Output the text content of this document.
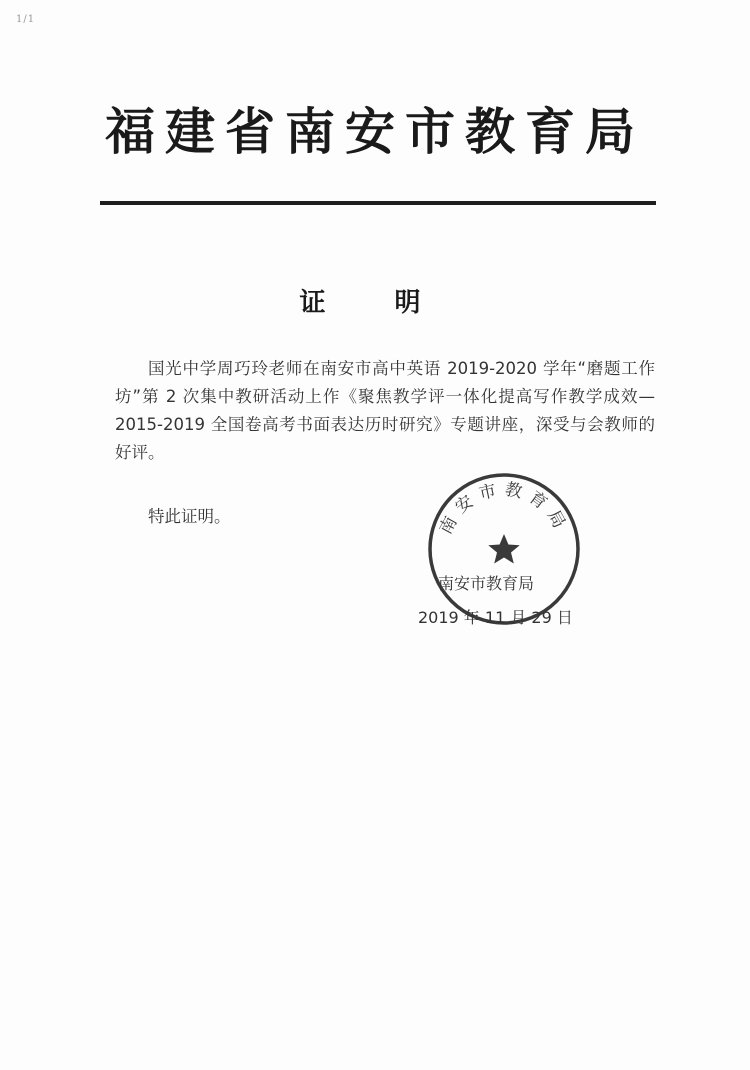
1/1
福建省南安市教育局
证 明
国光中学周巧玲老师在南安市高中英语 2019-2020 学年“磨题工作坊”第 2 次集中教研活动上作《聚焦教学评一体化提高写作教学成效—2015-2019 全国卷高考书面表达历时研究》专题讲座，深受与会教师的好评。
特此证明。	南安市教育局
南安市教育局
2019 年 11 月 29 日
